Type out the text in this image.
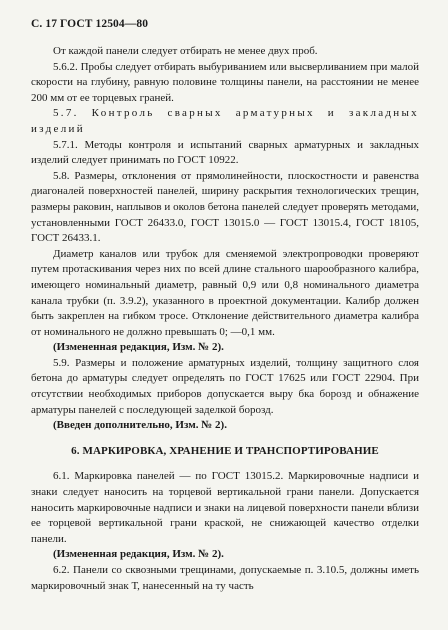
С. 17 ГОСТ 12504—80

От каждой панели следует отбирать не менее двух проб.

5.6.2. Пробы следует отбирать выбуриванием или высверливанием при малой скорости на глубину, равную половине толщины панели, на расстоянии не менее 200 мм от ее торцевых граней.

5.7. Контроль сварных арматурных и закладных изделий

5.7.1. Методы контроля и испытаний сварных арматурных и закладных изделий следует принимать по ГОСТ 10922.

5.8. Размеры, отклонения от прямолинейности, плоскостности и равенства диагоналей поверхностей панелей, ширину раскрытия технологических трещин, размеры раковин, наплывов и околов бетона панелей следует проверять методами, установленными ГОСТ 26433.0, ГОСТ 13015.0 — ГОСТ 13015.4, ГОСТ 18105, ГОСТ 26433.1.

Диаметр каналов или трубок для сменяемой электропроводки проверяют путем протаскивания через них по всей длине стального шарообразного калибра, имеющего номинальный диаметр, равный 0,9 или 0,8 номинального диаметра канала трубки (п. 3.9.2), указанного в проектной документации. Калибр должен быть закреплен на гибком тросе. Отклонение действительного диаметра калибра от номинального не должно превышать 0; —0,1 мм.

(Измененная редакция, Изм. № 2).

5.9. Размеры и положение арматурных изделий, толщину защитного слоя бетона до арматуры следует определять по ГОСТ 17625 или ГОСТ 22904. При отсутствии необходимых приборов допускается выру бка борозд и обнажение арматуры панелей с последующей заделкой борозд.

(Введен дополнительно, Изм. № 2).

6. МАРКИРОВКА, ХРАНЕНИЕ И ТРАНСПОРТИРОВАНИЕ

6.1. Маркировка панелей — по ГОСТ 13015.2. Маркировочные надписи и знаки следует наносить на торцевой вертикальной грани панели. Допускается наносить маркировочные надписи и знаки на лицевой поверхности панели вблизи ее торцевой вертикальной грани краской, не снижающей качество отделки панели.

(Измененная редакция, Изм. № 2).

6.2. Панели со сквозными трещинами, допускаемые п. 3.10.5, должны иметь маркировочный знак Т, нанесенный на ту часть
